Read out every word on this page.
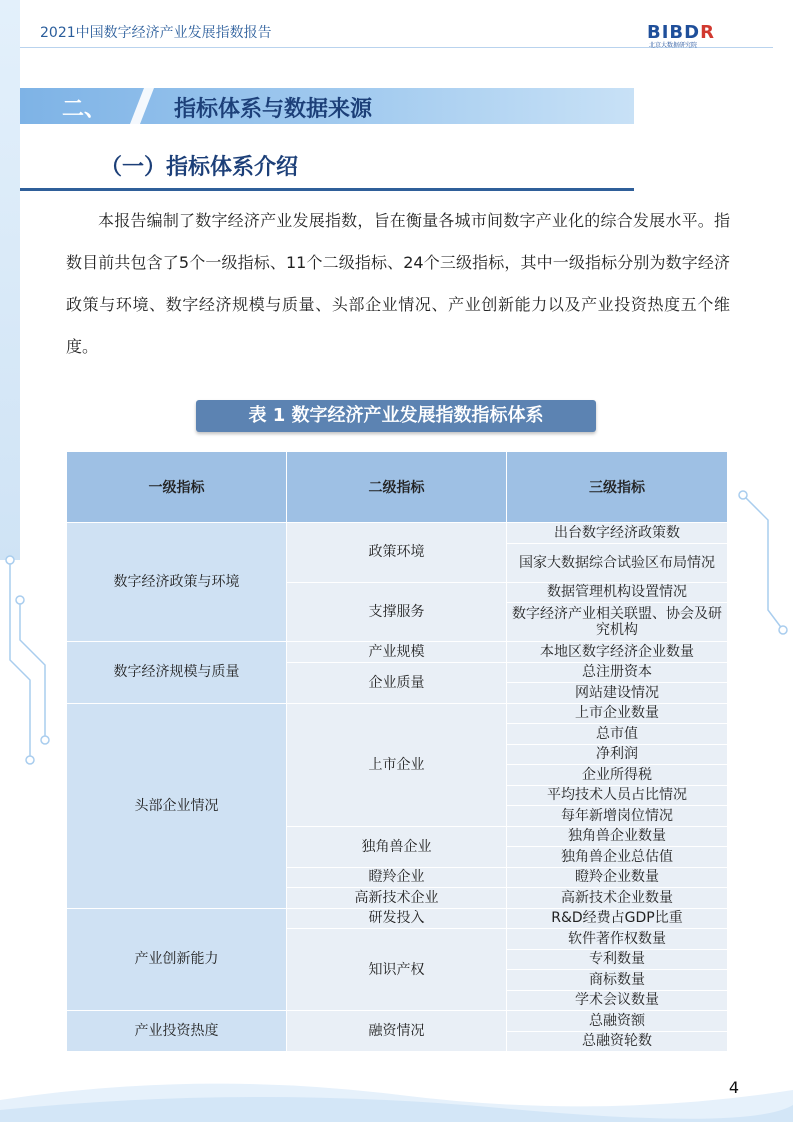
2021中国数字经济产业发展指数报告	BIBDR
北京大数据研究院
二、	指标体系与数据来源
（一）指标体系介绍

本报告编制了数字经济产业发展指数，旨在衡量各城市间数字产业化的综合发展水平。指数目前共包含了5个一级指标、11个二级指标、24个三级指标，其中一级指标分别为数字经济政策与环境、数字经济规模与质量、头部企业情况、产业创新能力以及产业投资热度五个维度。

表 1 数字经济产业发展指数指标体系
一级指标	二级指标	三级指标
数字经济政策与环境	政策环境	出台数字经济政策数
		国家大数据综合试验区布局情况
	支撑服务	数据管理机构设置情况
		数字经济产业相关联盟、协会及研究机构
数字经济规模与质量	产业规模	本地区数字经济企业数量
	企业质量	总注册资本
		网站建设情况
头部企业情况	上市企业	上市企业数量
		总市值
		净利润
		企业所得税
		平均技术人员占比情况
		每年新增岗位情况
	独角兽企业	独角兽企业数量
		独角兽企业总估值
	瞪羚企业	瞪羚企业数量
	高新技术企业	高新技术企业数量
产业创新能力	研发投入	R&D经费占GDP比重
	知识产权	软件著作权数量
		专利数量
		商标数量
		学术会议数量
产业投资热度	融资情况	总融资额
		总融资轮数
4
